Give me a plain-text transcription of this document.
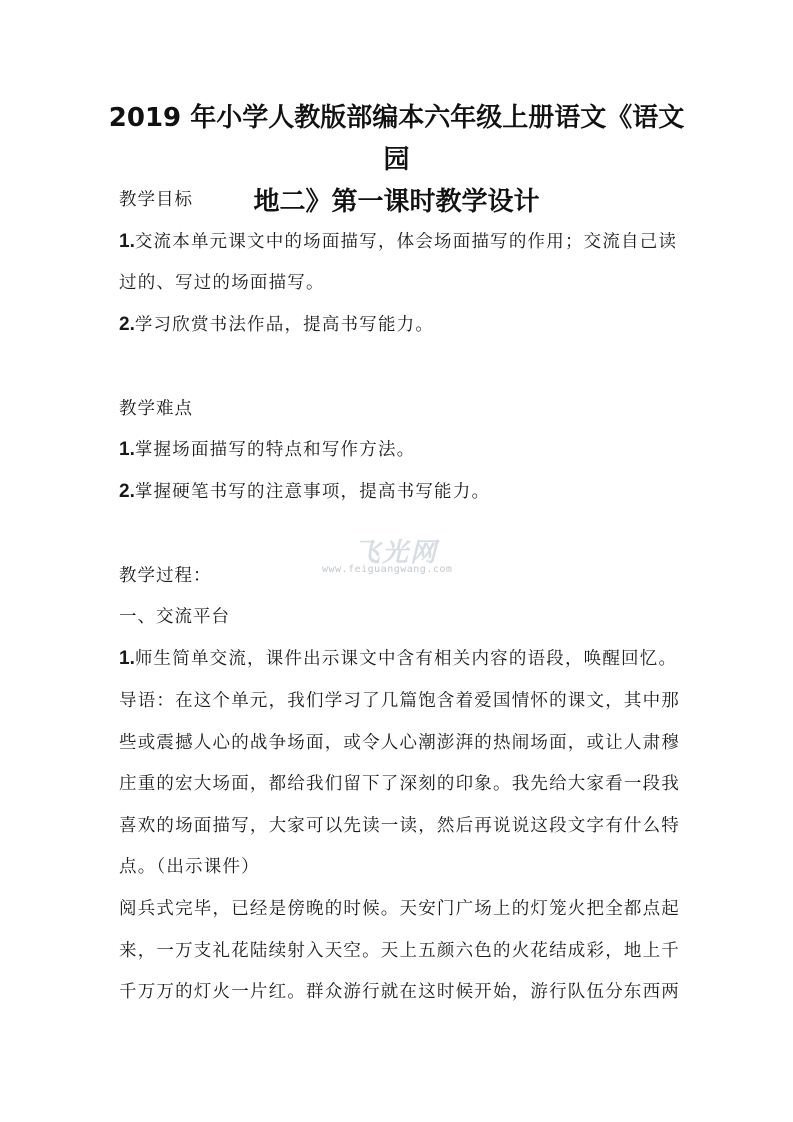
2019 年小学人教版部编本六年级上册语文《语文园
地二》第一课时教学设计
教学目标
1.交流本单元课文中的场面描写，体会场面描写的作用；交流自己读
过的、写过的场面描写。
2.学习欣赏书法作品，提高书写能力。
教学难点
1.掌握场面描写的特点和写作方法。
2.掌握硬笔书写的注意事项，提高书写能力。
飞光网
www.feiguangwang.com
教学过程：
一、交流平台
1.师生简单交流，课件出示课文中含有相关内容的语段，唤醒回忆。
导语：在这个单元，我们学习了几篇饱含着爱国情怀的课文，其中那
些或震撼人心的战争场面，或令人心潮澎湃的热闹场面，或让人肃穆
庄重的宏大场面，都给我们留下了深刻的印象。我先给大家看一段我
喜欢的场面描写，大家可以先读一读，然后再说说这段文字有什么特
点。（出示课件）
阅兵式完毕，已经是傍晚的时候。天安门广场上的灯笼火把全都点起
来，一万支礼花陆续射入天空。天上五颜六色的火花结成彩，地上千
千万万的灯火一片红。群众游行就在这时候开始，游行队伍分东西两
